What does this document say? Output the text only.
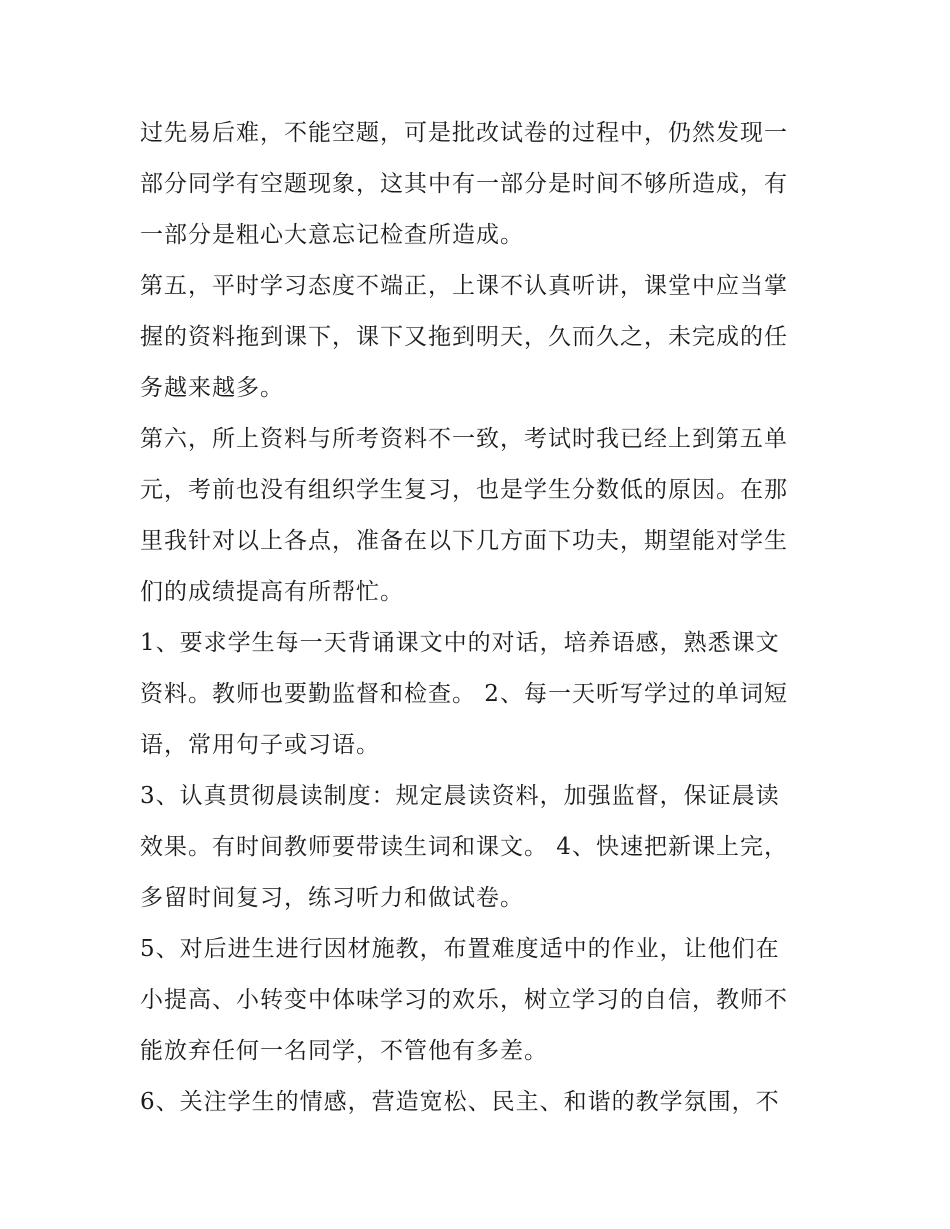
过先易后难，不能空题，可是批改试卷的过程中，仍然发现一
部分同学有空题现象，这其中有一部分是时间不够所造成，有
一部分是粗心大意忘记检查所造成。
第五，平时学习态度不端正，上课不认真听讲，课堂中应当掌
握的资料拖到课下，课下又拖到明天，久而久之，未完成的任
务越来越多。
第六，所上资料与所考资料不一致，考试时我已经上到第五单
元，考前也没有组织学生复习，也是学生分数低的原因。在那
里我针对以上各点，准备在以下几方面下功夫，期望能对学生
们的成绩提高有所帮忙。
1、要求学生每一天背诵课文中的对话，培养语感，熟悉课文
资料。教师也要勤监督和检查。 2、每一天听写学过的单词短
语，常用句子或习语。
3、认真贯彻晨读制度：规定晨读资料，加强监督，保证晨读
效果。有时间教师要带读生词和课文。 4、快速把新课上完，
多留时间复习，练习听力和做试卷。
5、对后进生进行因材施教，布置难度适中的作业，让他们在
小提高、小转变中体味学习的欢乐，树立学习的自信，教师不
能放弃任何一名同学，不管他有多差。
6、关注学生的情感，营造宽松、民主、和谐的教学氛围，不
